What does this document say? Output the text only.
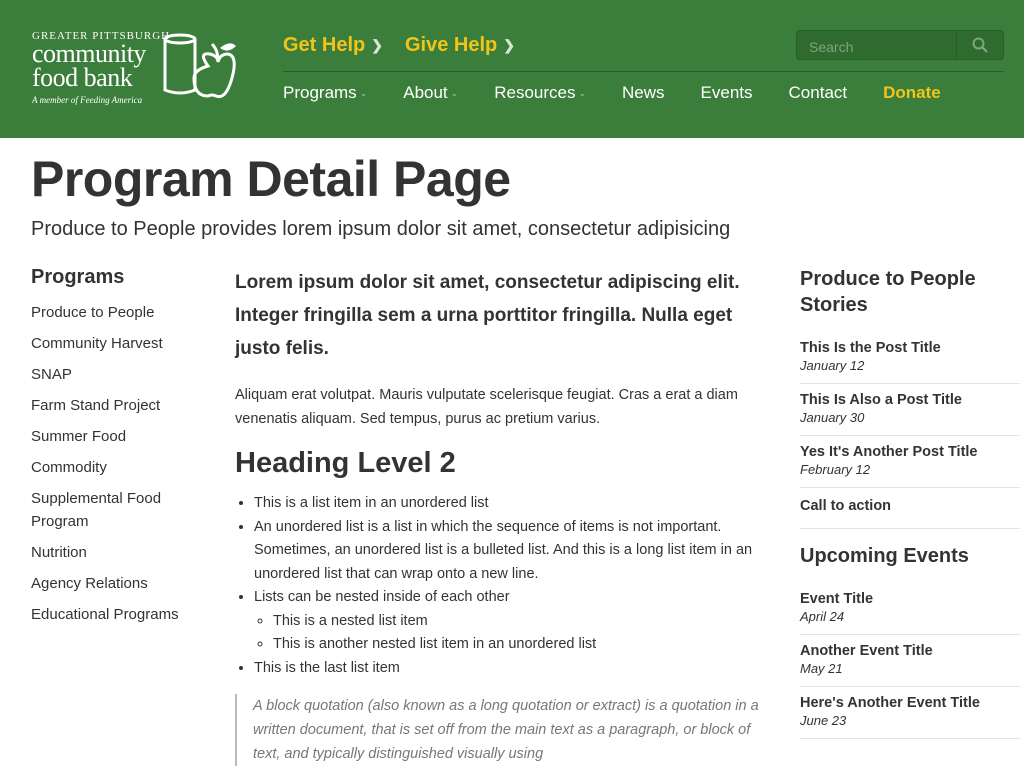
GREATER PITTSBURGH
community
food bank
A member of Feeding America
Get Help ❯ Give Help ❯
Search
Programs ⌄ About ⌄ Resources ⌄ News Events Contact Donate
Program Detail Page
Produce to People provides lorem ipsum dolor sit amet, consectetur adipisicing
Programs
Produce to People
Community Harvest
SNAP
Farm Stand Project
Summer Food
Commodity
Supplemental Food Program
Nutrition
Agency Relations
Educational Programs

Lorem ipsum dolor sit amet, consectetur adipiscing elit. Integer fringilla sem a urna porttitor fringilla. Nulla eget justo felis.

Aliquam erat volutpat. Mauris vulputate scelerisque feugiat. Cras a erat a diam venenatis aliquam. Sed tempus, purus ac pretium varius.

Heading Level 2
• This is a list item in an unordered list
• An unordered list is a list in which the sequence of items is not important. Sometimes, an unordered list is a bulleted list. And this is a long list item in an unordered list that can wrap onto a new line.
• Lists can be nested inside of each other
◦ This is a nested list item
◦ This is another nested list item in an unordered list
• This is the last list item
A block quotation (also known as a long quotation or extract) is a quotation in a written document, that is set off from the main text as a paragraph, or block of text, and typically distinguished visually using
Produce to People Stories
This Is the Post Title
January 12
This Is Also a Post Title
January 30
Yes It's Another Post Title
February 12
Call to action
Upcoming Events
Event Title
April 24
Another Event Title
May 21
Here's Another Event Title
June 23
